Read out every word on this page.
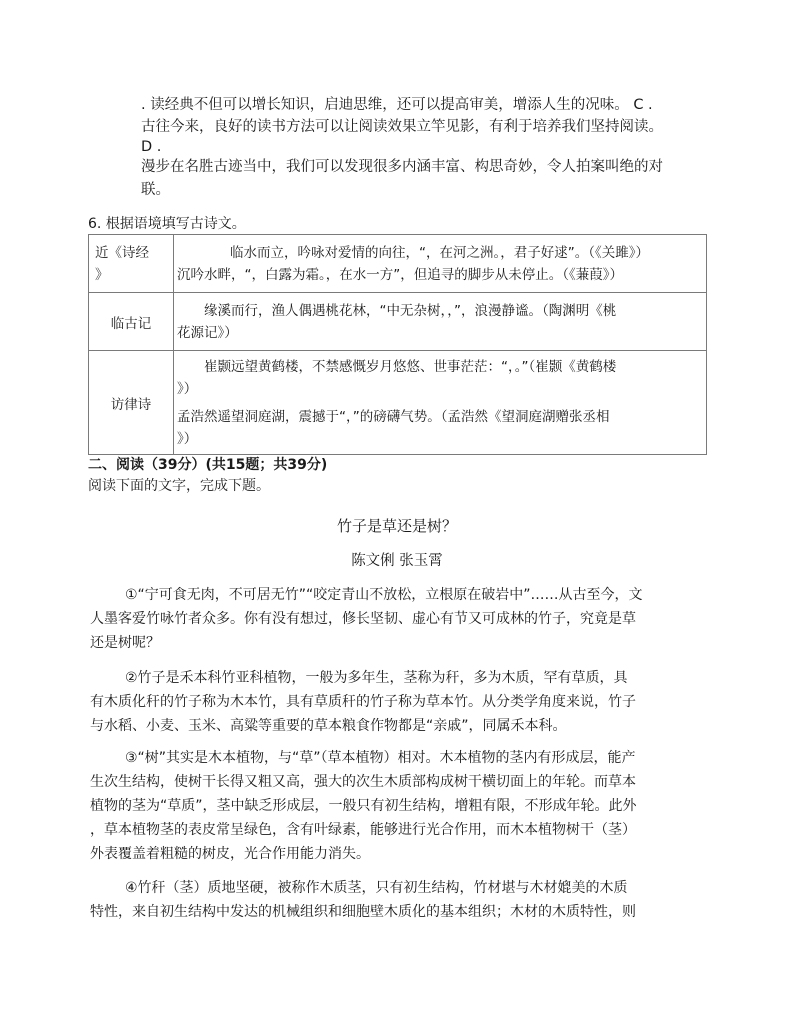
. 读经典不但可以增长知识，启迪思维，还可以提高审美，增添人生的况味。 C .
古往今来，良好的读书方法可以让阅读效果立竿见影，有利于培养我们坚持阅读。
D .
漫步在名胜古迹当中，我们可以发现很多内涵丰富、构思奇妙，令人拍案叫绝的对
联。
6. 根据语境填写古诗文。
近《诗经
》	临水而立，吟咏对爱情的向往，“，在河之洲。，君子好逑”。（《关雎》）
沉吟水畔，“，白露为霜。，在水一方”，但追寻的脚步从未停止。（《蒹葭》）

临古记	缘溪而行，渔人偶遇桃花林，“中无杂树，，”，浪漫静谧。（陶渊明《桃
花源记》）

访律诗	崔颢远望黄鹤楼，不禁感慨岁月悠悠、世事茫茫：“，。”（崔颢《黄鹤楼
》）
孟浩然遥望洞庭湖，震撼于“，”的磅礴气势。（孟浩然《望洞庭湖赠张丞相
》）
二、阅读（39分）(共15题；共39分)
阅读下面的文字，完成下题。
竹子是草还是树？
陈文俐 张玉霄
①“宁可食无肉，不可居无竹”“咬定青山不放松，立根原在破岩中”……从古至今，文
人墨客爱竹咏竹者众多。你有没有想过，修长坚韧、虚心有节又可成林的竹子，究竟是草
还是树呢？
②竹子是禾本科竹亚科植物，一般为多年生，茎称为秆，多为木质，罕有草质，具
有木质化秆的竹子称为木本竹，具有草质秆的竹子称为草本竹。从分类学角度来说，竹子
与水稻、小麦、玉米、高粱等重要的草本粮食作物都是“亲戚”，同属禾本科。
③“树”其实是木本植物，与“草”（草本植物）相对。木本植物的茎内有形成层，能产
生次生结构，使树干长得又粗又高，强大的次生木质部构成树干横切面上的年轮。而草本
植物的茎为“草质”，茎中缺乏形成层，一般只有初生结构，增粗有限，不形成年轮。此外
，草本植物茎的表皮常呈绿色，含有叶绿素，能够进行光合作用，而木本植物树干（茎）
外表覆盖着粗糙的树皮，光合作用能力消失。
④竹秆（茎）质地坚硬，被称作木质茎，只有初生结构，竹材堪与木材媲美的木质
特性，来自初生结构中发达的机械组织和细胞壁木质化的基本组织；木材的木质特性，则
